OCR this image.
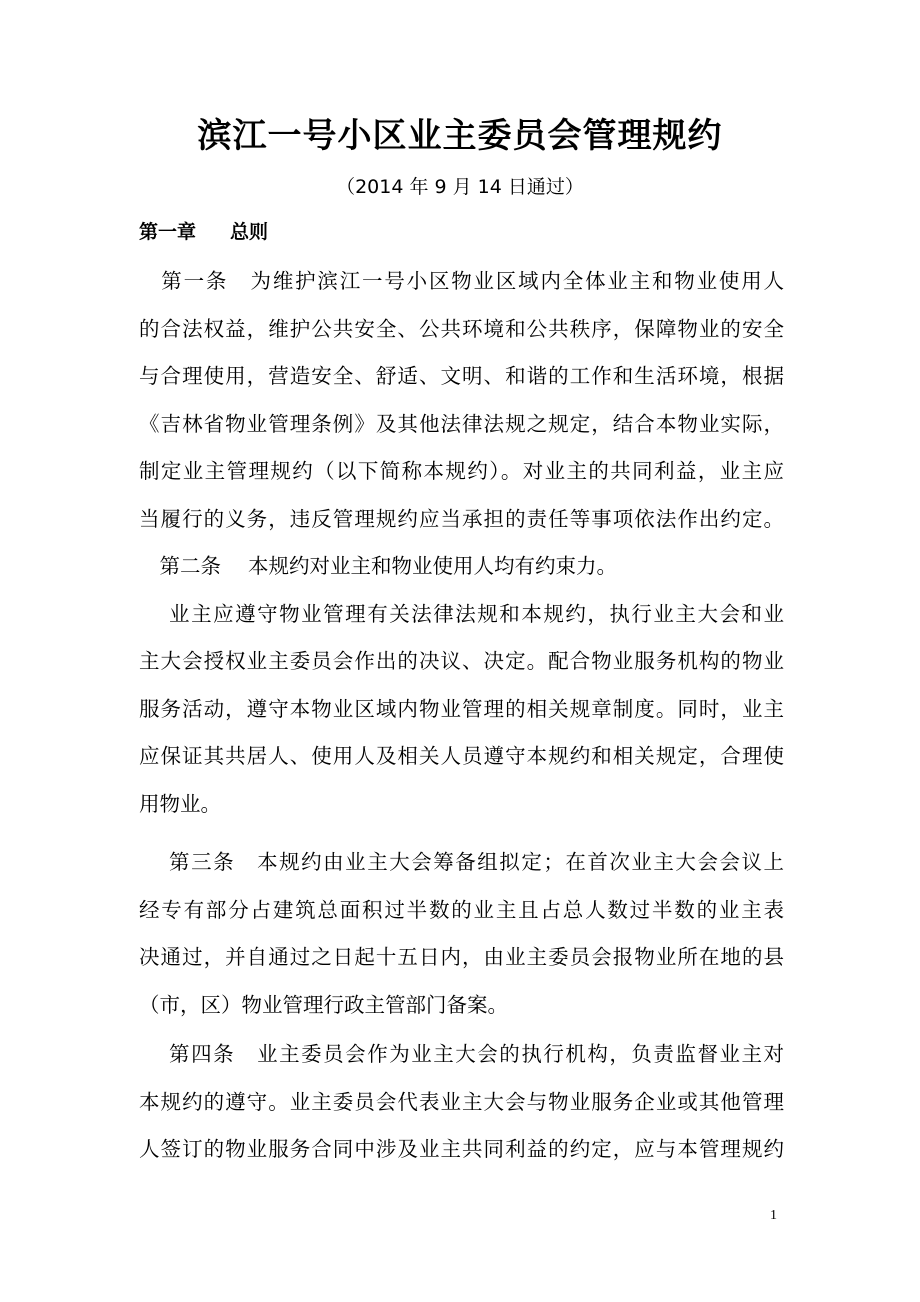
滨江一号小区业主委员会管理规约
（2014 年 9 月 14 日通过）
第一章 总则
　第一条　为维护滨江一号小区物业区域内全体业主和物业使用人
的合法权益，维护公共安全、公共环境和公共秩序，保障物业的安全
与合理使用，营造安全、舒适、文明、和谐的工作和生活环境，根据
《吉林省物业管理条例》及其他法律法规之规定，结合本物业实际，
制定业主管理规约（以下简称本规约）。对业主的共同利益，业主应
当履行的义务，违反管理规约应当承担的责任等事项依法作出约定。
　第二条　 本规约对业主和物业使用人均有约束力。
　 业主应遵守物业管理有关法律法规和本规约，执行业主大会和业
主大会授权业主委员会作出的决议、决定。配合物业服务机构的物业
服务活动，遵守本物业区域内物业管理的相关规章制度。同时，业主
应保证其共居人、使用人及相关人员遵守本规约和相关规定，合理使
用物业。
　 第三条　本规约由业主大会筹备组拟定；在首次业主大会会议上
经专有部分占建筑总面积过半数的业主且占总人数过半数的业主表
决通过，并自通过之日起十五日内，由业主委员会报物业所在地的县
（市，区）物业管理行政主管部门备案。
　 第四条　业主委员会作为业主大会的执行机构，负责监督业主对
本规约的遵守。业主委员会代表业主大会与物业服务企业或其他管理
人签订的物业服务合同中涉及业主共同利益的约定，应与本管理规约
1
